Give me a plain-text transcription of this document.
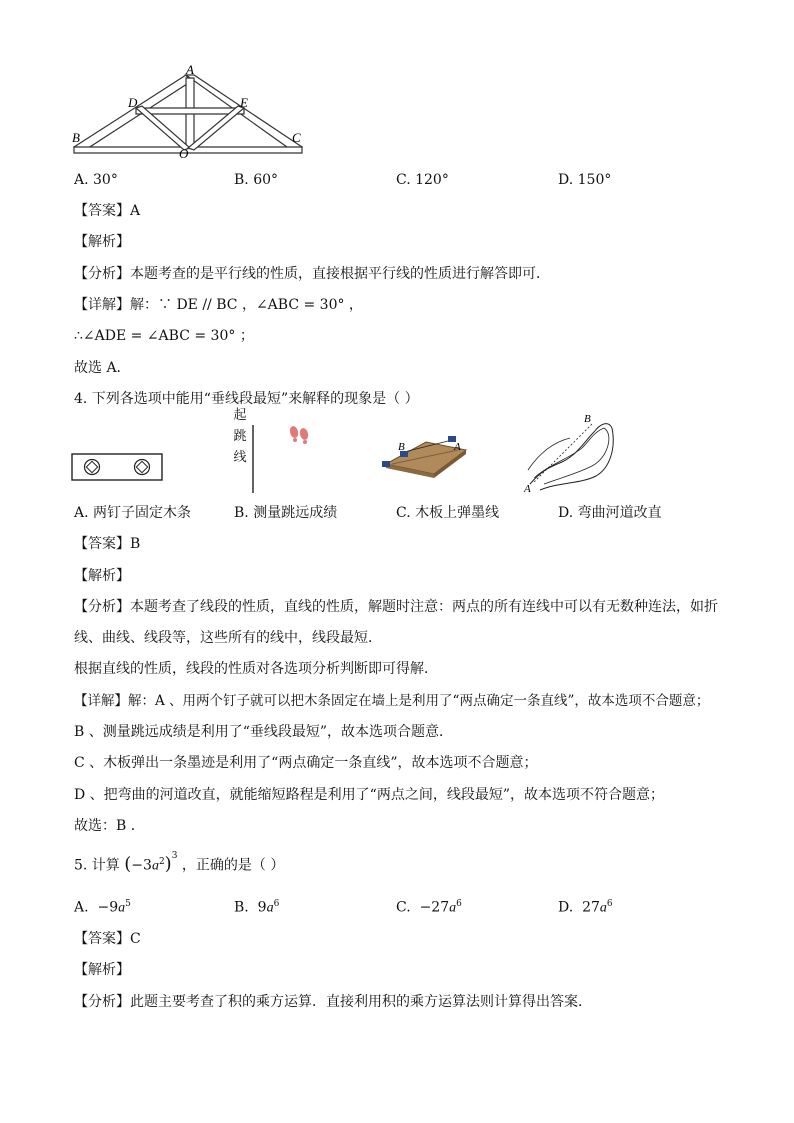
A
D	E
B	C
O
A. 30°	B. 60°	C. 120°	D. 150°
【答案】A
【解析】
【分析】本题考查的是平行线的性质，直接根据平行线的性质进行解答即可．
【详解】解：∵ DE // BC ，∠ABC = 30° ，
∴∠ADE = ∠ABC = 30° ；
故选 A．
4. 下列各选项中能用“垂线段最短”来解释的现象是（ ）
起
跳
线
B	A
A
B
A. 两钉子固定木条	B. 测量跳远成绩	C. 木板上弹墨线	D. 弯曲河道改直
【答案】B
【解析】
【分析】本题考查了线段的性质，直线的性质，解题时注意：两点的所有连线中可以有无数种连法，如折
线、曲线、线段等，这些所有的线中，线段最短．
根据直线的性质，线段的性质对各选项分析判断即可得解．
【详解】解：A 、用两个钉子就可以把木条固定在墙上是利用了“两点确定一条直线”，故本选项不合题意；
B 、测量跳远成绩是利用了“垂线段最短”，故本选项合题意．
C 、木板弹出一条墨迹是利用了“两点确定一条直线”，故本选项不合题意；
D 、把弯曲的河道改直，就能缩短路程是利用了“两点之间，线段最短”，故本选项不符合题意；
故选：B ．
5. 计算 $(-3a^2)^3$ ，正确的是（ ）
A. $-9a^5$	B. $9a^6$	C. $-27a^6$	D. $27a^6$
【答案】C
【解析】
【分析】此题主要考查了积的乘方运算．直接利用积的乘方运算法则计算得出答案．
